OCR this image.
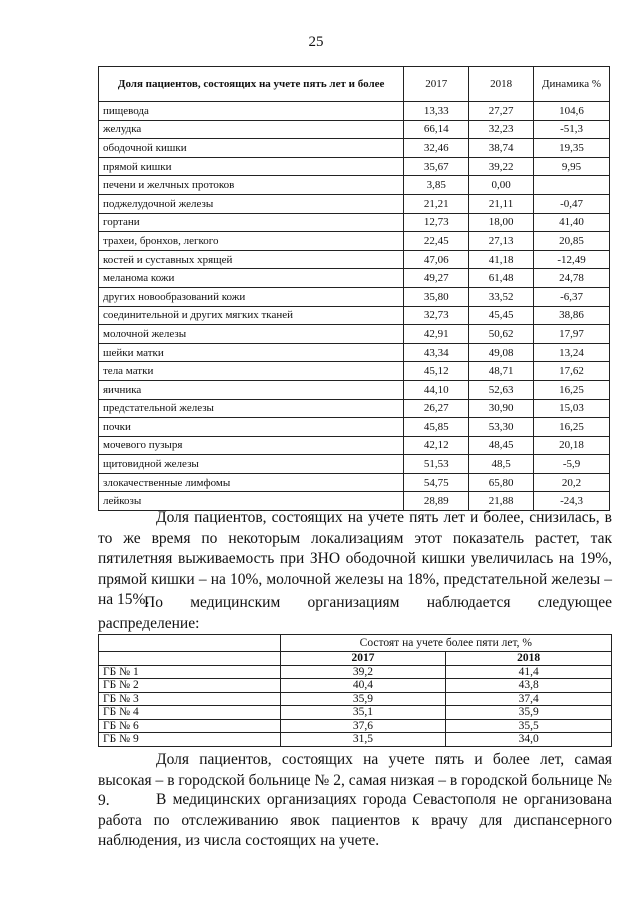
25
Доля пациентов, состоящих на учете пять лет и более	2017	2018	Динамика %
пищевода	13,33	27,27	104,6
желудка	66,14	32,23	-51,3
ободочной кишки	32,46	38,74	19,35
прямой кишки	35,67	39,22	9,95
печени и желчных протоков	3,85	0,00	
поджелудочной железы	21,21	21,11	-0,47
гортани	12,73	18,00	41,40
трахеи, бронхов, легкого	22,45	27,13	20,85
костей и суставных хрящей	47,06	41,18	-12,49
меланома кожи	49,27	61,48	24,78
других новообразований кожи	35,80	33,52	-6,37
соединительной и других мягких тканей	32,73	45,45	38,86
молочной железы	42,91	50,62	17,97
шейки матки	43,34	49,08	13,24
тела матки	45,12	48,71	17,62
яичника	44,10	52,63	16,25
предстательной железы	26,27	30,90	15,03
почки	45,85	53,30	16,25
мочевого пузыря	42,12	48,45	20,18
щитовидной железы	51,53	48,5	-5,9
злокачественные лимфомы	54,75	65,80	20,2
лейкозы	28,89	21,88	-24,3
Доля пациентов, состоящих на учете пять лет и более, снизилась, в то же время по некоторым локализациям этот показатель растет, так пятилетняя выживаемость при ЗНО ободочной кишки увеличилась на 19%, прямой кишки – на 10%, молочной железы на 18%, предстательной железы – на 15%.
По медицинским организациям наблюдается следующее распределение:
	Состоят на учете более пяти лет, %	
	2017	2018
ГБ № 1	39,2	41,4
ГБ № 2	40,4	43,8
ГБ № 3	35,9	37,4
ГБ № 4	35,1	35,9
ГБ № 6	37,6	35,5
ГБ № 9	31,5	34,0
Доля пациентов, состоящих на учете пять и более лет, самая высокая – в городской больнице № 2, самая низкая – в городской больнице № 9.	В медицинских организациях города Севастополя не организована работа по отслеживанию явок пациентов к врачу для диспансерного наблюдения, из числа состоящих на учете.
